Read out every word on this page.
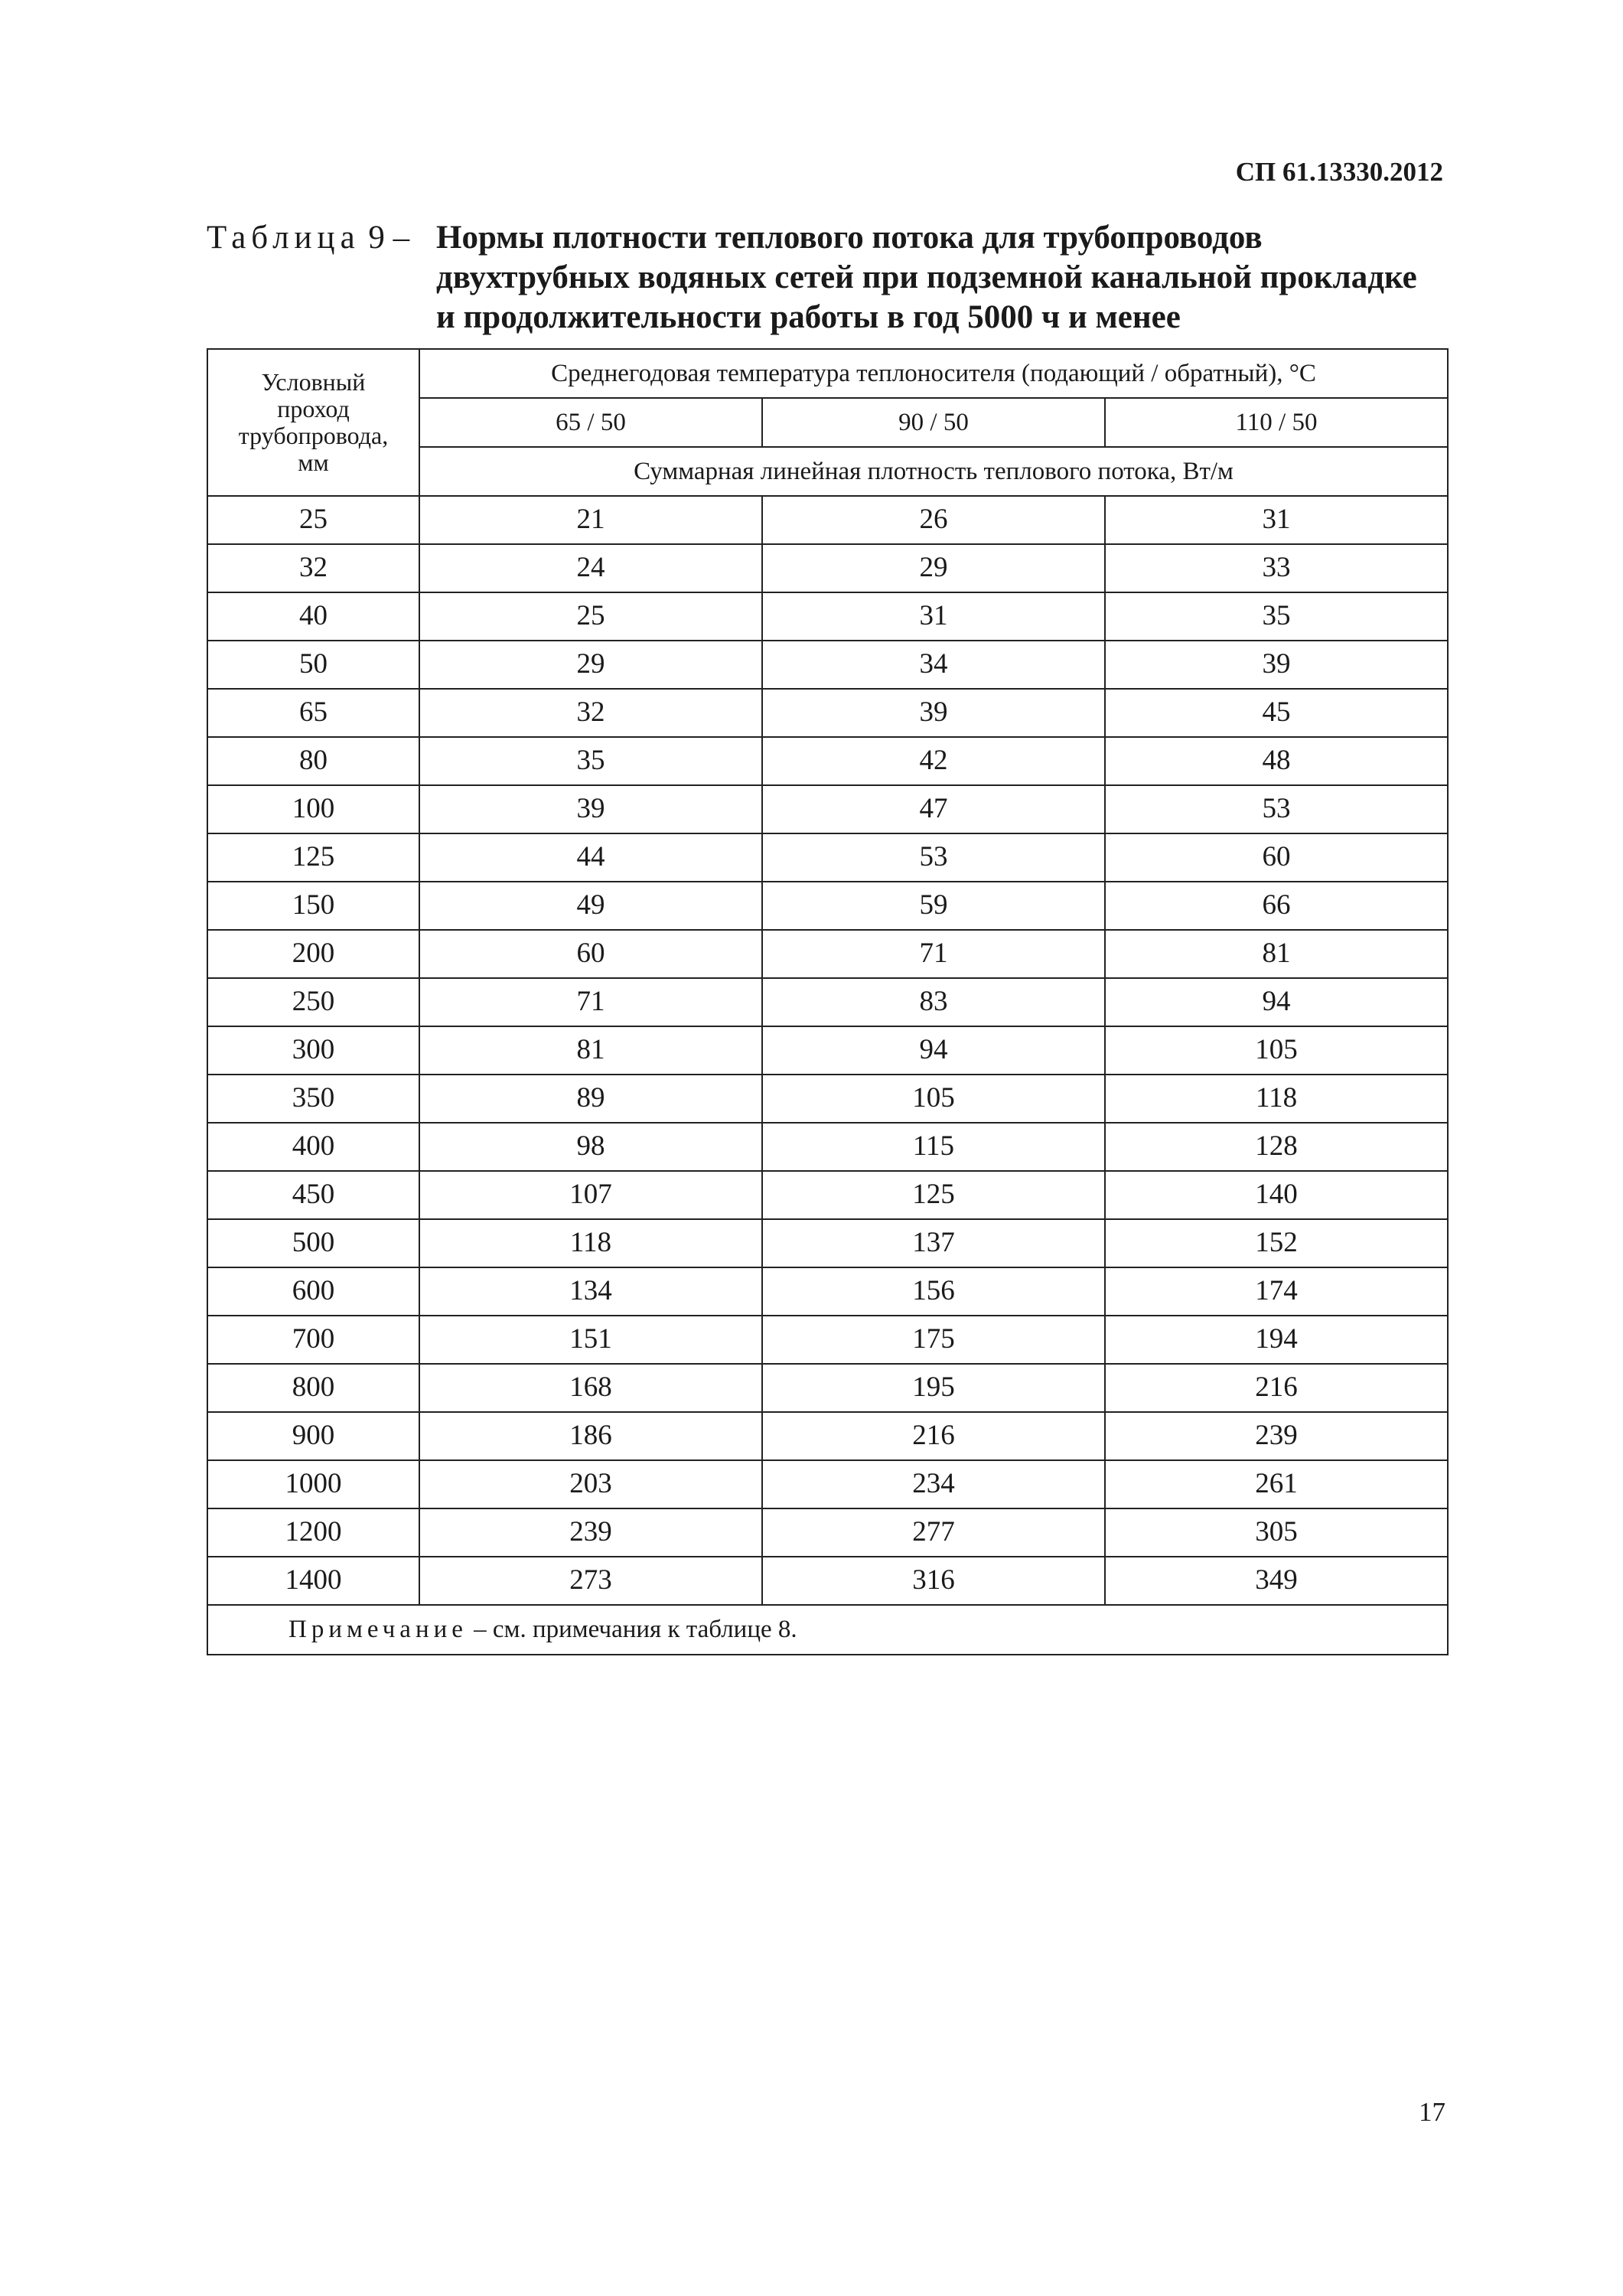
СП 61.13330.2012
Таблица 9 – Нормы плотности теплового потока для трубопроводов
двухтрубных водяных сетей при подземной канальной прокладке
и продолжительности работы в год 5000 ч и менее
Условный
проход
трубопровода,
мм	Среднегодовая температура теплоносителя (подающий / обратный), °C		
	65 / 50	90 / 50	110 / 50
	Суммарная линейная плотность теплового потока, Вт/м		
25	21	26	31
32	24	29	33
40	25	31	35
50	29	34	39
65	32	39	45
80	35	42	48
100	39	47	53
125	44	53	60
150	49	59	66
200	60	71	81
250	71	83	94
300	81	94	105
350	89	105	118
400	98	115	128
450	107	125	140
500	118	137	152
600	134	156	174
700	151	175	194
800	168	195	216
900	186	216	239
1000	203	234	261
1200	239	277	305
1400	273	316	349
Примечание – см. примечания к таблице 8.			
17
